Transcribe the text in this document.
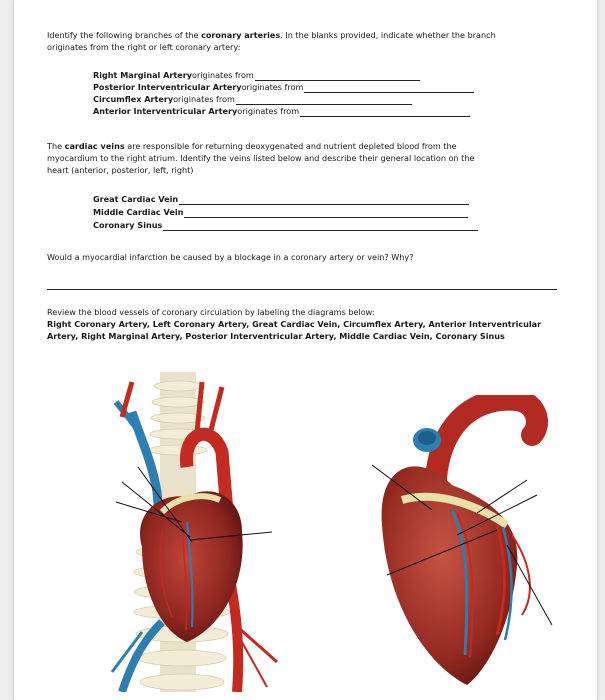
Identify the following branches of the coronary arteries. In the blanks provided, indicate whether the branch
originates from the right or left coronary artery:
Right Marginal Artery originates from
Posterior Interventricular Artery originates from
Circumflex Artery originates from
Anterior Interventricular Artery originates from
The cardiac veins are responsible for returning deoxygenated and nutrient depleted blood from the
myocardium to the right atrium. Identify the veins listed below and describe their general location on the
heart (anterior, posterior, left, right)
Great Cardiac Vein
Middle Cardiac Vein
Coronary Sinus
Would a myocardial infarction be caused by a blockage in a coronary artery or vein? Why?
Review the blood vessels of coronary circulation by labeling the diagrams below:
Right Coronary Artery, Left Coronary Artery, Great Cardiac Vein, Circumflex Artery, Anterior Interventricular
Artery, Right Marginal Artery, Posterior Interventricular Artery, Middle Cardiac Vein, Coronary Sinus
